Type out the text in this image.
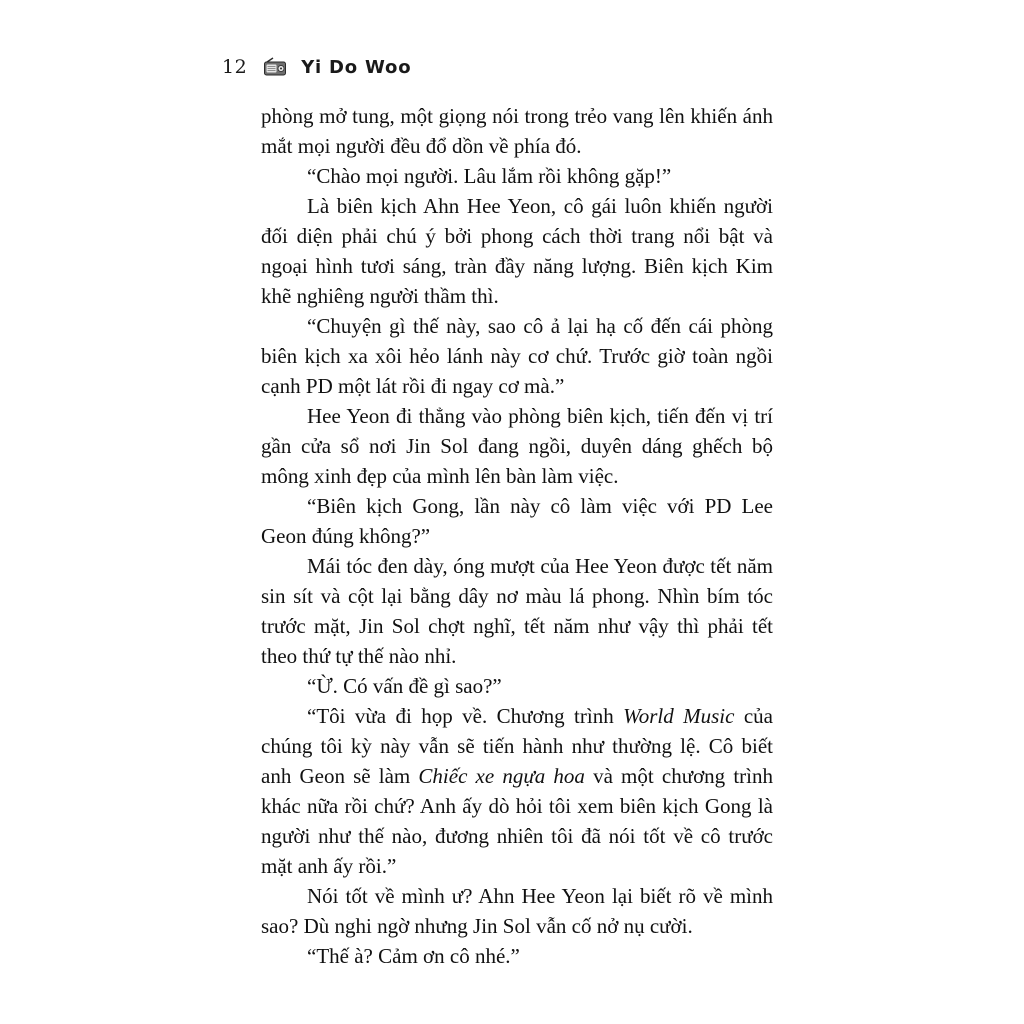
12	Yi Do Woo

phòng mở tung, một giọng nói trong trẻo vang lên khiến ánh mắt mọi người đều đổ dồn về phía đó.

“Chào mọi người. Lâu lắm rồi không gặp!”

Là biên kịch Ahn Hee Yeon, cô gái luôn khiến người đối diện phải chú ý bởi phong cách thời trang nổi bật và ngoại hình tươi sáng, tràn đầy năng lượng. Biên kịch Kim khẽ nghiêng người thầm thì.

“Chuyện gì thế này, sao cô ả lại hạ cố đến cái phòng biên kịch xa xôi hẻo lánh này cơ chứ. Trước giờ toàn ngồi cạnh PD một lát rồi đi ngay cơ mà.”

Hee Yeon đi thẳng vào phòng biên kịch, tiến đến vị trí gần cửa sổ nơi Jin Sol đang ngồi, duyên dáng ghếch bộ mông xinh đẹp của mình lên bàn làm việc.

“Biên kịch Gong, lần này cô làm việc với PD Lee Geon đúng không?”

Mái tóc đen dày, óng mượt của Hee Yeon được tết năm sin sít và cột lại bằng dây nơ màu lá phong. Nhìn bím tóc trước mặt, Jin Sol chợt nghĩ, tết năm như vậy thì phải tết theo thứ tự thế nào nhỉ.

“Ừ. Có vấn đề gì sao?”

“Tôi vừa đi họp về. Chương trình World Music của chúng tôi kỳ này vẫn sẽ tiến hành như thường lệ. Cô biết anh Geon sẽ làm Chiếc xe ngựa hoa và một chương trình khác nữa rồi chứ? Anh ấy dò hỏi tôi xem biên kịch Gong là người như thế nào, đương nhiên tôi đã nói tốt về cô trước mặt anh ấy rồi.”

Nói tốt về mình ư? Ahn Hee Yeon lại biết rõ về mình sao? Dù nghi ngờ nhưng Jin Sol vẫn cố nở nụ cười.

“Thế à? Cảm ơn cô nhé.”
